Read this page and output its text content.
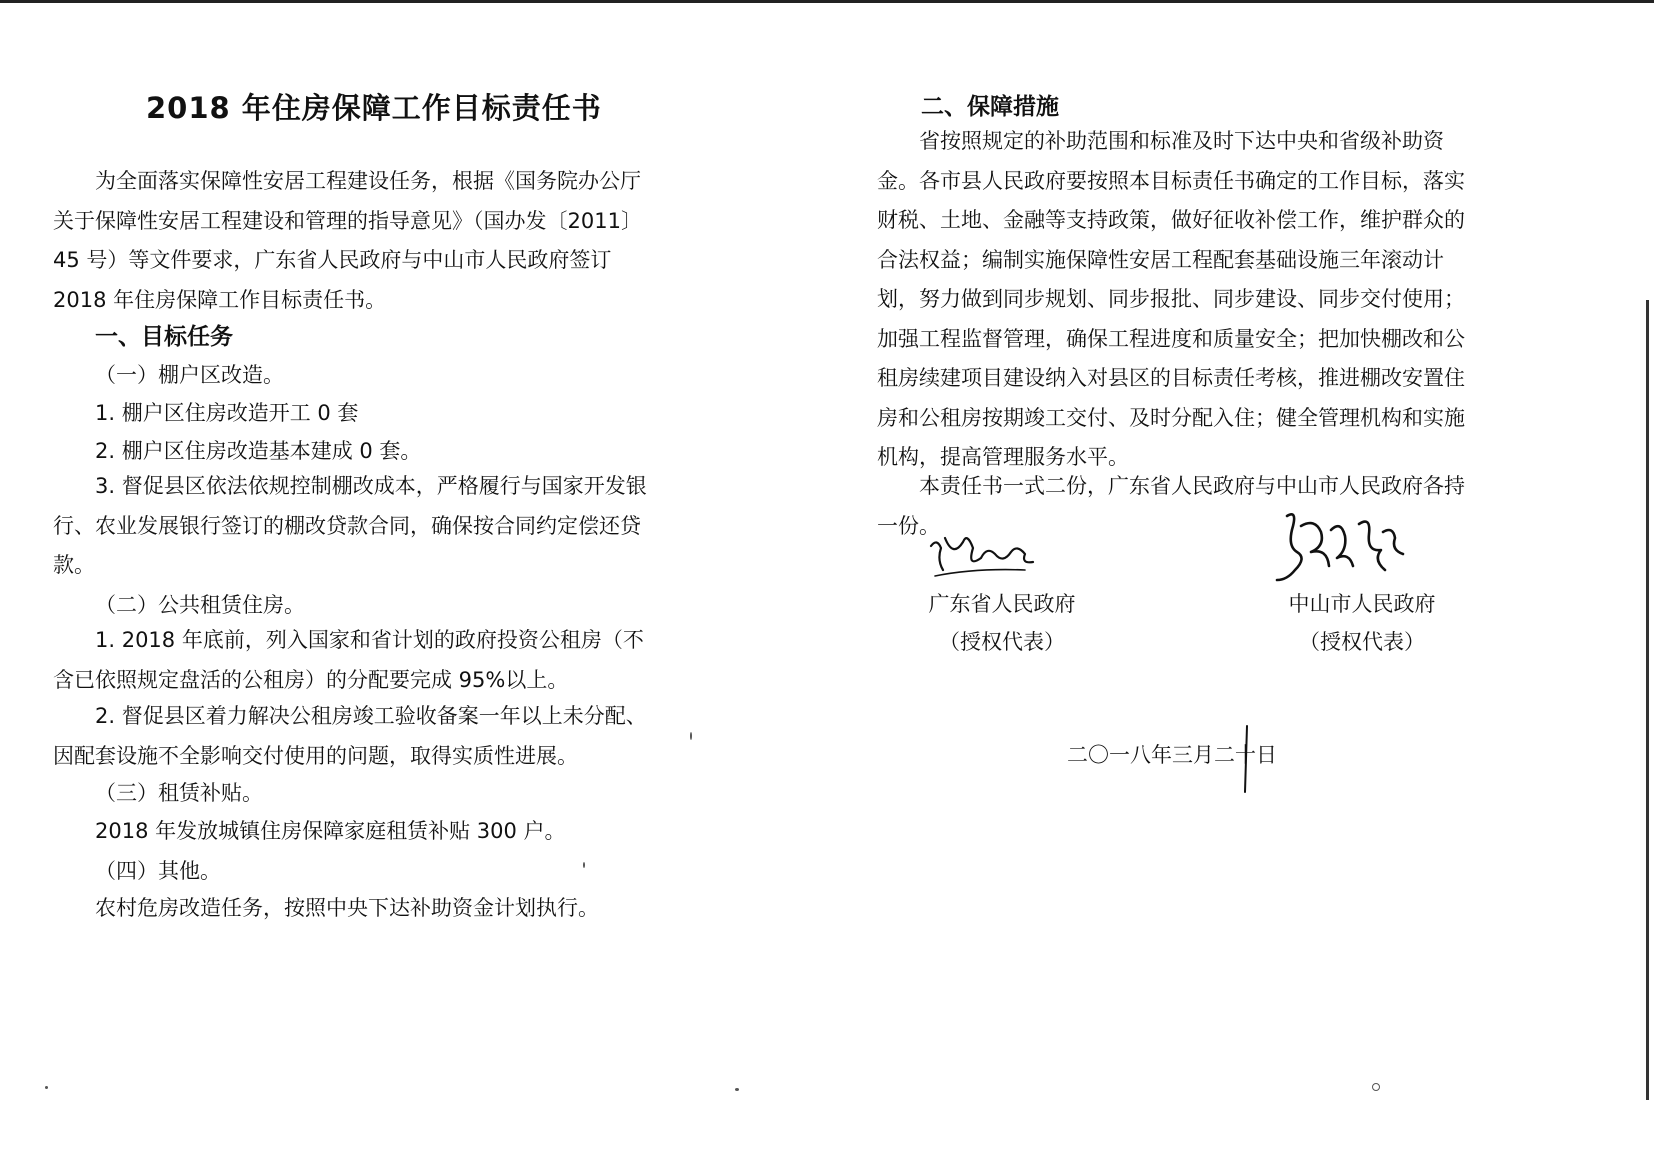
2018 年住房保障工作目标责任书
为全面落实保障性安居工程建设任务，根据《国务院办公厅关于保障性安居工程建设和管理的指导意见》（国办发〔2011〕45 号）等文件要求，广东省人民政府与中山市人民政府签订 2018 年住房保障工作目标责任书。
一、目标任务
（一）棚户区改造。
1. 棚户区住房改造开工 0 套
2. 棚户区住房改造基本建成 0 套。
3. 督促县区依法依规控制棚改成本，严格履行与国家开发银行、农业发展银行签订的棚改贷款合同，确保按合同约定偿还贷款。
（二）公共租赁住房。
1. 2018 年底前，列入国家和省计划的政府投资公租房（不含已依照规定盘活的公租房）的分配要完成 95%以上。
2. 督促县区着力解决公租房竣工验收备案一年以上未分配、因配套设施不全影响交付使用的问题，取得实质性进展。
（三）租赁补贴。
2018 年发放城镇住房保障家庭租赁补贴 300 户。
（四）其他。
农村危房改造任务，按照中央下达补助资金计划执行。
二、保障措施
省按照规定的补助范围和标准及时下达中央和省级补助资金。各市县人民政府要按照本目标责任书确定的工作目标，落实财税、土地、金融等支持政策，做好征收补偿工作，维护群众的合法权益；编制实施保障性安居工程配套基础设施三年滚动计划，努力做到同步规划、同步报批、同步建设、同步交付使用；加强工程监督管理，确保工程进度和质量安全；把加快棚改和公租房续建项目建设纳入对县区的目标责任考核，推进棚改安置住房和公租房按期竣工交付、及时分配入住；健全管理机构和实施机构，提高管理服务水平。
本责任书一式二份，广东省人民政府与中山市人民政府各持一份。
广东省人民政府
（授权代表）
中山市人民政府
（授权代表）
二〇一八年三月二十日
